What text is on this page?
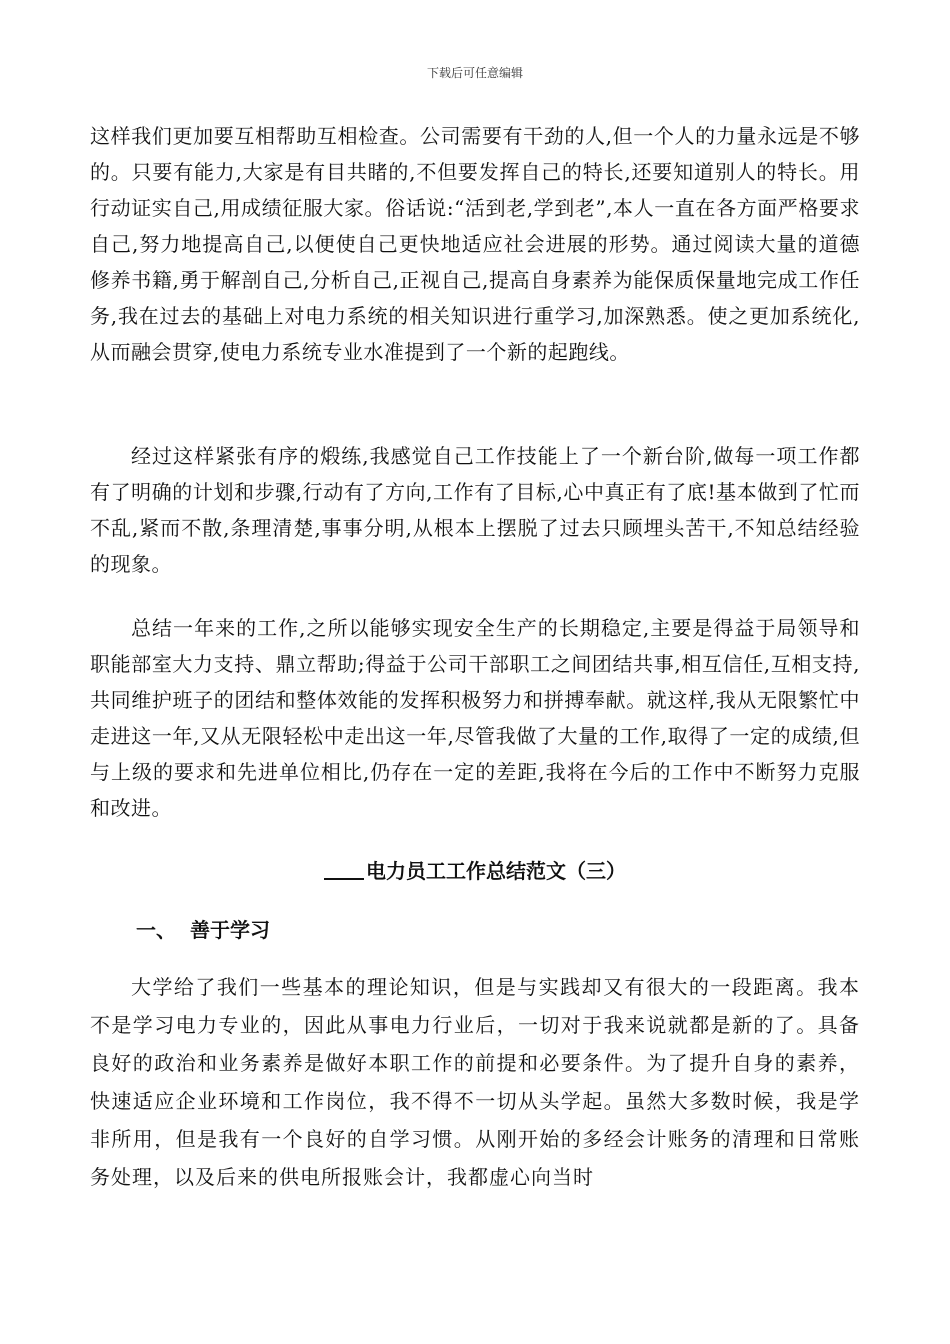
下载后可任意编辑

这样我们更加要互相帮助互相检查。公司需要有干劲的人,但一个人的力量永远是不够的。只要有能力,大家是有目共睹的,不但要发挥自己的特长,还要知道别人的特长。用行动证实自己,用成绩征服大家。俗话说:“活到老,学到老”,本人一直在各方面严格要求自己,努力地提高自己,以便使自己更快地适应社会进展的形势。通过阅读大量的道德修养书籍,勇于解剖自己,分析自己,正视自己,提高自身素养为能保质保量地完成工作任务,我在过去的基础上对电力系统的相关知识进行重学习,加深熟悉。使之更加系统化,从而融会贯穿,使电力系统专业水准提到了一个新的起跑线。

经过这样紧张有序的煅练,我感觉自己工作技能上了一个新台阶,做每一项工作都有了明确的计划和步骤,行动有了方向,工作有了目标,心中真正有了底!基本做到了忙而不乱,紧而不散,条理清楚,事事分明,从根本上摆脱了过去只顾埋头苦干,不知总结经验的现象。

总结一年来的工作,之所以能够实现安全生产的长期稳定,主要是得益于局领导和职能部室大力支持、鼎立帮助;得益于公司干部职工之间团结共事,相互信任,互相支持,共同维护班子的团结和整体效能的发挥积极努力和拼搏奉献。就这样,我从无限繁忙中走进这一年,又从无限轻松中走出这一年,尽管我做了大量的工作,取得了一定的成绩,但与上级的要求和先进单位相比,仍存在一定的差距,我将在今后的工作中不断努力克服和改进。

电力员工工作总结范文（三）

一、 善于学习

大学给了我们一些基本的理论知识，但是与实践却又有很大的一段距离。我本不是学习电力专业的，因此从事电力行业后，一切对于我来说就都是新的了。具备良好的政治和业务素养是做好本职工作的前提和必要条件。为了提升自身的素养，快速适应企业环境和工作岗位，我不得不一切从头学起。虽然大多数时候，我是学非所用，但是我有一个良好的自学习惯。从刚开始的多经会计账务的清理和日常账务处理，以及后来的供电所报账会计，我都虚心向当时
